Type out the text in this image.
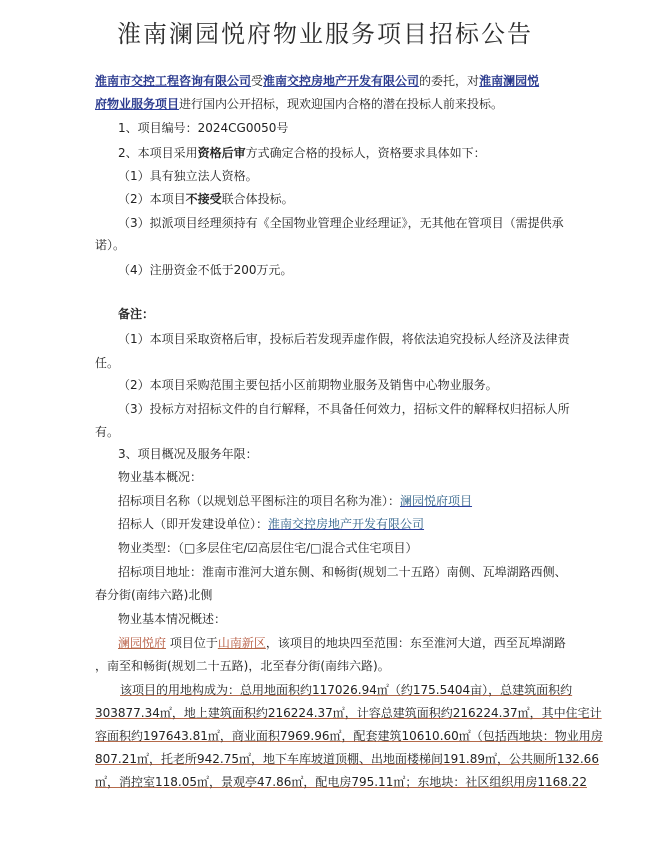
淮南澜园悦府物业服务项目招标公告
淮南市交控工程咨询有限公司受淮南交控房地产开发有限公司的委托，对淮南澜园悦
府物业服务项目进行国内公开招标，现欢迎国内合格的潜在投标人前来投标。
1、项目编号：2024CG0050号
2、本项目采用资格后审方式确定合格的投标人，资格要求具体如下：
（1）具有独立法人资格。
（2）本项目不接受联合体投标。
（3）拟派项目经理须持有《全国物业管理企业经理证》，无其他在管项目（需提供承
诺）。
（4）注册资金不低于200万元。
备注：
（1）本项目采取资格后审，投标后若发现弄虚作假，将依法追究投标人经济及法律责
任。
（2）本项目采购范围主要包括小区前期物业服务及销售中心物业服务。
（3）投标方对招标文件的自行解释，不具备任何效力，招标文件的解释权归招标人所
有。
3、项目概况及服务年限：
物业基本概况：
招标项目名称（以规划总平图标注的项目名称为准）：澜园悦府项目
招标人（即开发建设单位）：淮南交控房地产开发有限公司
物业类型：（□多层住宅/☑高层住宅/□混合式住宅项目）
招标项目地址：淮南市淮河大道东侧、和畅街(规划二十五路）南侧、瓦埠湖路西侧、
春分街(南纬六路)北侧
物业基本情况概述：
澜园悦府 项目位于山南新区，该项目的地块四至范围：东至淮河大道，西至瓦埠湖路
，南至和畅街(规划二十五路)，北至春分街(南纬六路)。
该项目的用地构成为：总用地面积约117026.94㎡（约175.5404亩），总建筑面积约
303877.34㎡，地上建筑面积约216224.37㎡，计容总建筑面积约216224.37㎡，其中住宅计
容面积约197643.81㎡，商业面积7969.96㎡，配套建筑10610.60㎡（包括西地块：物业用房
807.21㎡，托老所942.75㎡，地下车库坡道顶棚、出地面楼梯间191.89㎡，公共厕所132.66
㎡，消控室118.05㎡，景观亭47.86㎡，配电房795.11㎡；东地块：社区组织用房1168.22
